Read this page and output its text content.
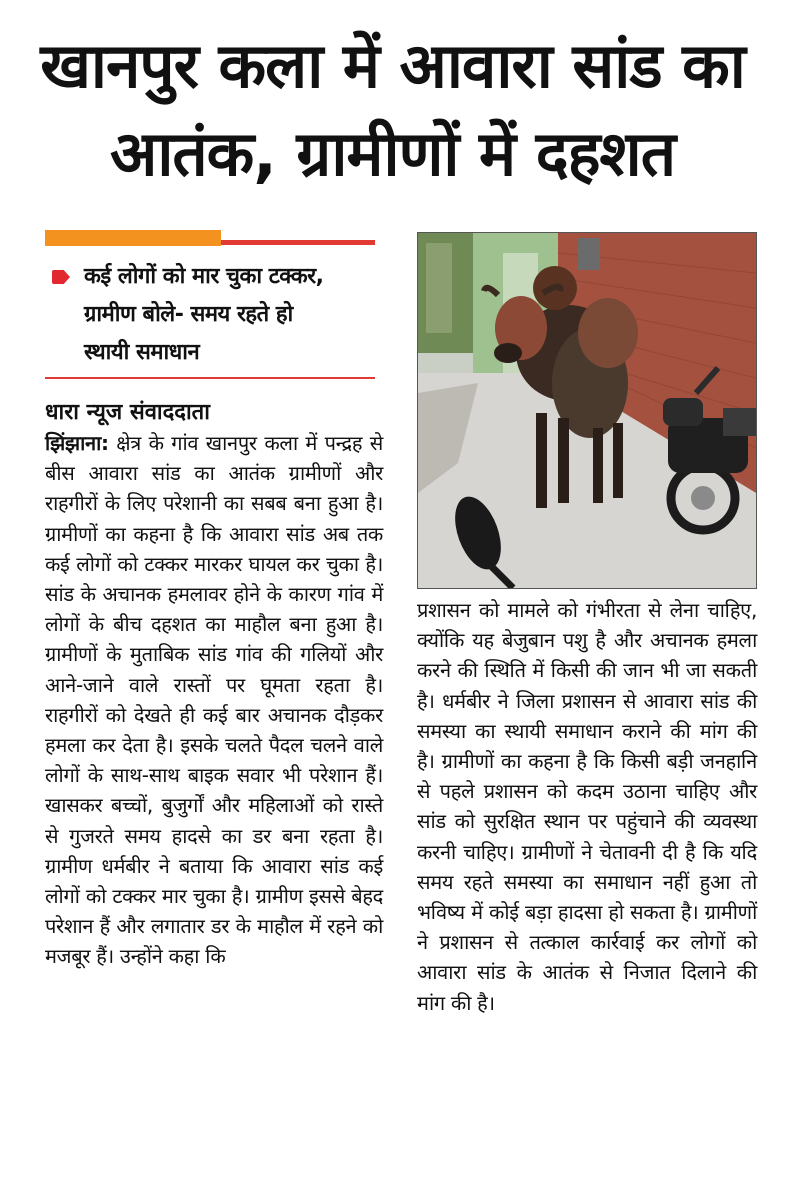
खानपुर कला में आवारा सांड का
आतंक, ग्रामीणों में दहशत
कई लोगों को मार चुका टक्कर,
ग्रामीण बोले- समय रहते हो
स्थायी समाधान
धारा न्यूज संवाददाता
झिंझाना: क्षेत्र के गांव खानपुर कला में पन्द्रह से बीस आवारा सांड का आतंक ग्रामीणों और राहगीरों के लिए परेशानी का सबब बना हुआ है। ग्रामीणों का कहना है कि आवारा सांड अब तक कई लोगों को टक्कर मारकर घायल कर चुका है। सांड के अचानक हमलावर होने के कारण गांव में लोगों के बीच दहशत का माहौल बना हुआ है।ग्रामीणों के मुताबिक सांड गांव की गलियों और आने-जाने वाले रास्तों पर घूमता रहता है। राहगीरों को देखते ही कई बार अचानक दौड़कर हमला कर देता है। इसके चलते पैदल चलने वाले लोगों के साथ-साथ बाइक सवार भी परेशान हैं। खासकर बच्चों, बुजुर्गों और महिलाओं को रास्ते से गुजरते समय हादसे का डर बना रहता है।ग्रामीण धर्मबीर ने बताया कि आवारा सांड कई लोगों को टक्कर मार चुका है। ग्रामीण इससे बेहद परेशान हैं और लगातार डर के माहौल में रहने को मजबूर हैं। उन्होंने कहा कि
प्रशासन को मामले को गंभीरता से लेना चाहिए, क्योंकि यह बेजुबान पशु है और अचानक हमला करने की स्थिति में किसी की जान भी जा सकती है। धर्मबीर ने जिला प्रशासन से आवारा सांड की समस्या का स्थायी समाधान कराने की मांग की है। ग्रामीणों का कहना है कि किसी बड़ी जनहानि से पहले प्रशासन को कदम उठाना चाहिए और सांड को सुरक्षित स्थान पर पहुंचाने की व्यवस्था करनी चाहिए। ग्रामीणों ने चेतावनी दी है कि यदि समय रहते समस्या का समाधान नहीं हुआ तो भविष्य में कोई बड़ा हादसा हो सकता है। ग्रामीणों ने प्रशासन से तत्काल कार्रवाई कर लोगों को आवारा सांड के आतंक से निजात दिलाने की मांग की है।
